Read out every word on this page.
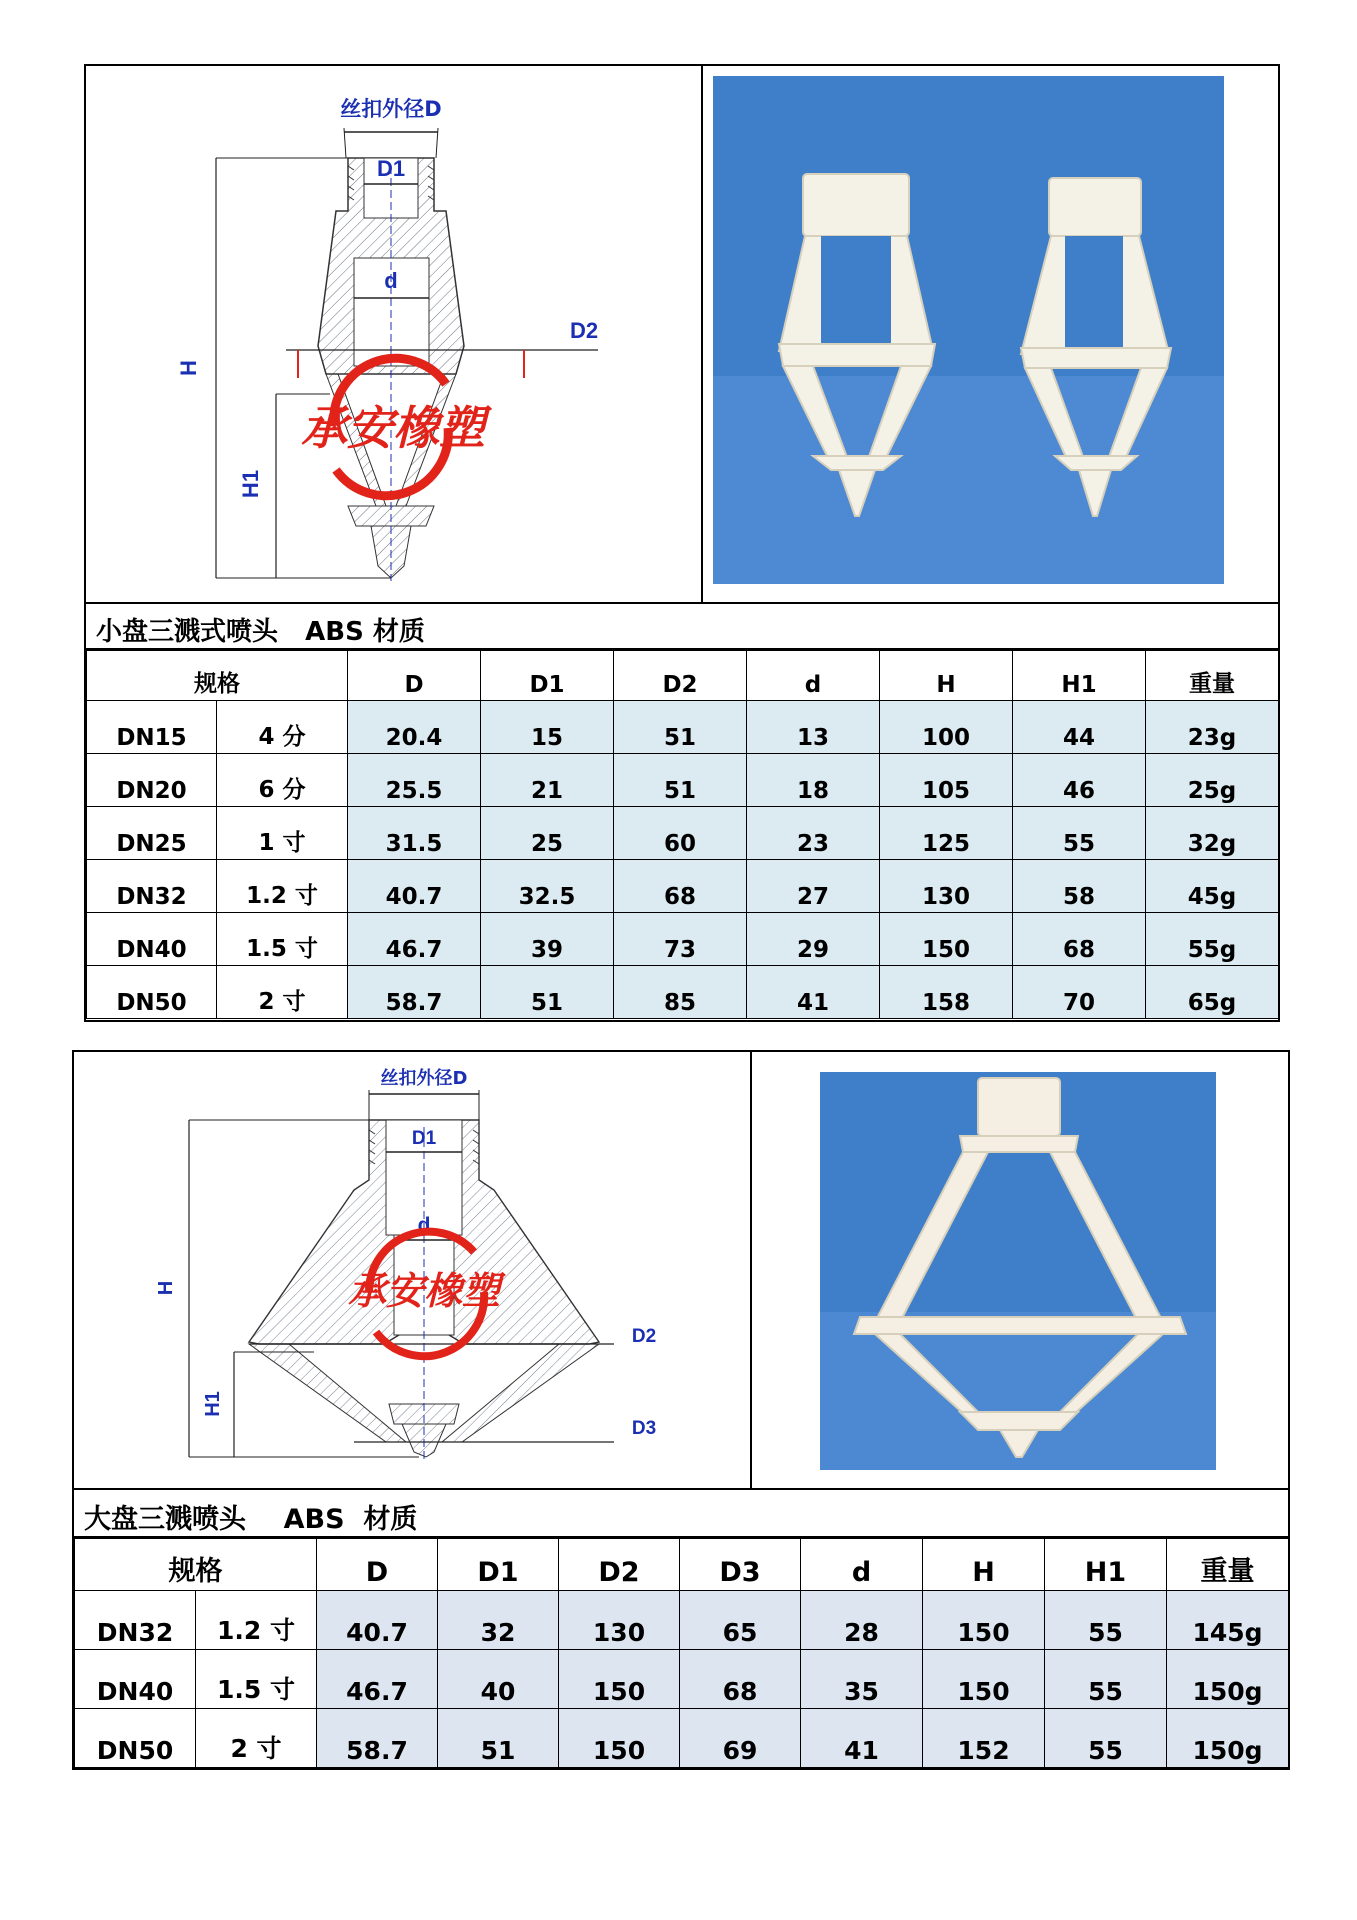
丝扣外径D
D1
d
D2
H
H1
承安橡塑
小盘三溅式喷头   ABS 材质
规格		D	D1	D2	d	H	H1	重量
DN15	4 分	20.4	15	51	13	100	44	23g
DN20	6 分	25.5	21	51	18	105	46	25g
DN25	1 寸	31.5	25	60	23	125	55	32g
DN32	1.2 寸	40.7	32.5	68	27	130	58	45g
DN40	1.5 寸	46.7	39	73	29	150	68	55g
DN50	2 寸	58.7	51	85	41	158	70	65g
丝扣外径D
D1
d
D2
D3
H
H1
承安橡塑
大盘三溅喷头    ABS  材质
规格		D	D1	D2	D3	d	H	H1	重量
DN32	1.2 寸	40.7	32	130	65	28	150	55	145g
DN40	1.5 寸	46.7	40	150	68	35	150	55	150g
DN50	2 寸	58.7	51	150	69	41	152	55	150g
